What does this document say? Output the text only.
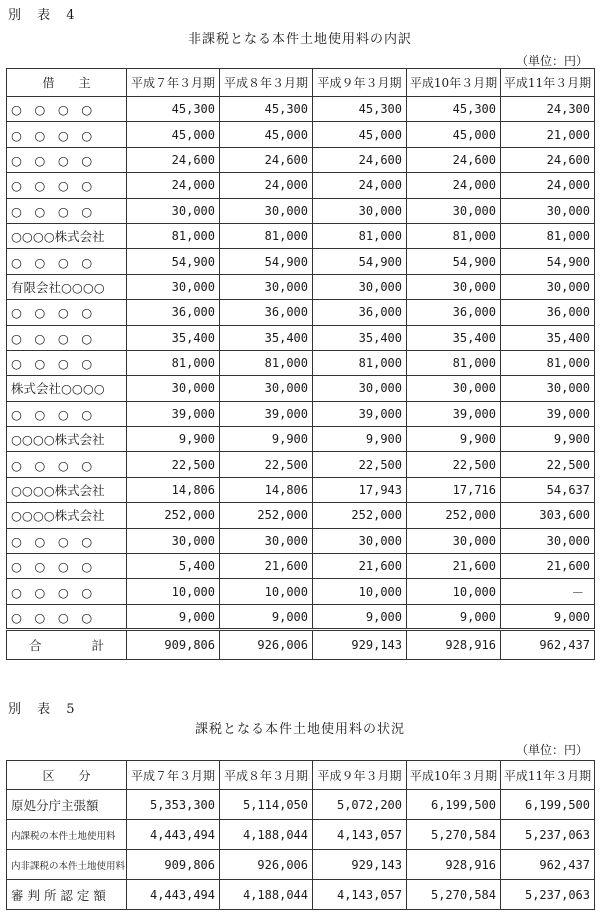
別 表 4
非課税となる本件土地使用料の内訳
（単位：円）
借　　主	平成７年３月期	平成８年３月期	平成９年３月期	平成10年３月期	平成11年３月期
○　○　○　○	45,300	45,300	45,300	45,300	24,300
○　○　○　○	45,000	45,000	45,000	45,000	21,000
○　○　○　○	24,600	24,600	24,600	24,600	24,600
○　○　○　○	24,000	24,000	24,000	24,000	24,000
○　○　○　○	30,000	30,000	30,000	30,000	30,000
○○○○株式会社	81,000	81,000	81,000	81,000	81,000
○　○　○　○	54,900	54,900	54,900	54,900	54,900
有限会社○○○○	30,000	30,000	30,000	30,000	30,000
○　○　○　○	36,000	36,000	36,000	36,000	36,000
○　○　○　○	35,400	35,400	35,400	35,400	35,400
○　○　○　○	81,000	81,000	81,000	81,000	81,000
株式会社○○○○	30,000	30,000	30,000	30,000	30,000
○　○　○　○	39,000	39,000	39,000	39,000	39,000
○○○○株式会社	9,900	9,900	9,900	9,900	9,900
○　○　○　○	22,500	22,500	22,500	22,500	22,500
○○○○株式会社	14,806	14,806	17,943	17,716	54,637
○○○○株式会社	252,000	252,000	252,000	252,000	303,600
○　○　○　○	30,000	30,000	30,000	30,000	30,000
○　○　○　○	5,400	21,600	21,600	21,600	21,600
○　○　○　○	10,000	10,000	10,000	10,000	－
○　○　○　○	9,000	9,000	9,000	9,000	9,000
合　　　　計	909,806	926,006	929,143	928,916	962,437
別 表 5
課税となる本件土地使用料の状況
（単位：円）
区　　分	平成７年３月期	平成８年３月期	平成９年３月期	平成10年３月期	平成11年３月期
原処分庁主張額	5,353,300	5,114,050	5,072,200	6,199,500	6,199,500
内課税の本件土地使用料	4,443,494	4,188,044	4,143,057	5,270,584	5,237,063
内非課税の本件土地使用料	909,806	926,006	929,143	928,916	962,437
審 判 所 認 定 額	4,443,494	4,188,044	4,143,057	5,270,584	5,237,063
